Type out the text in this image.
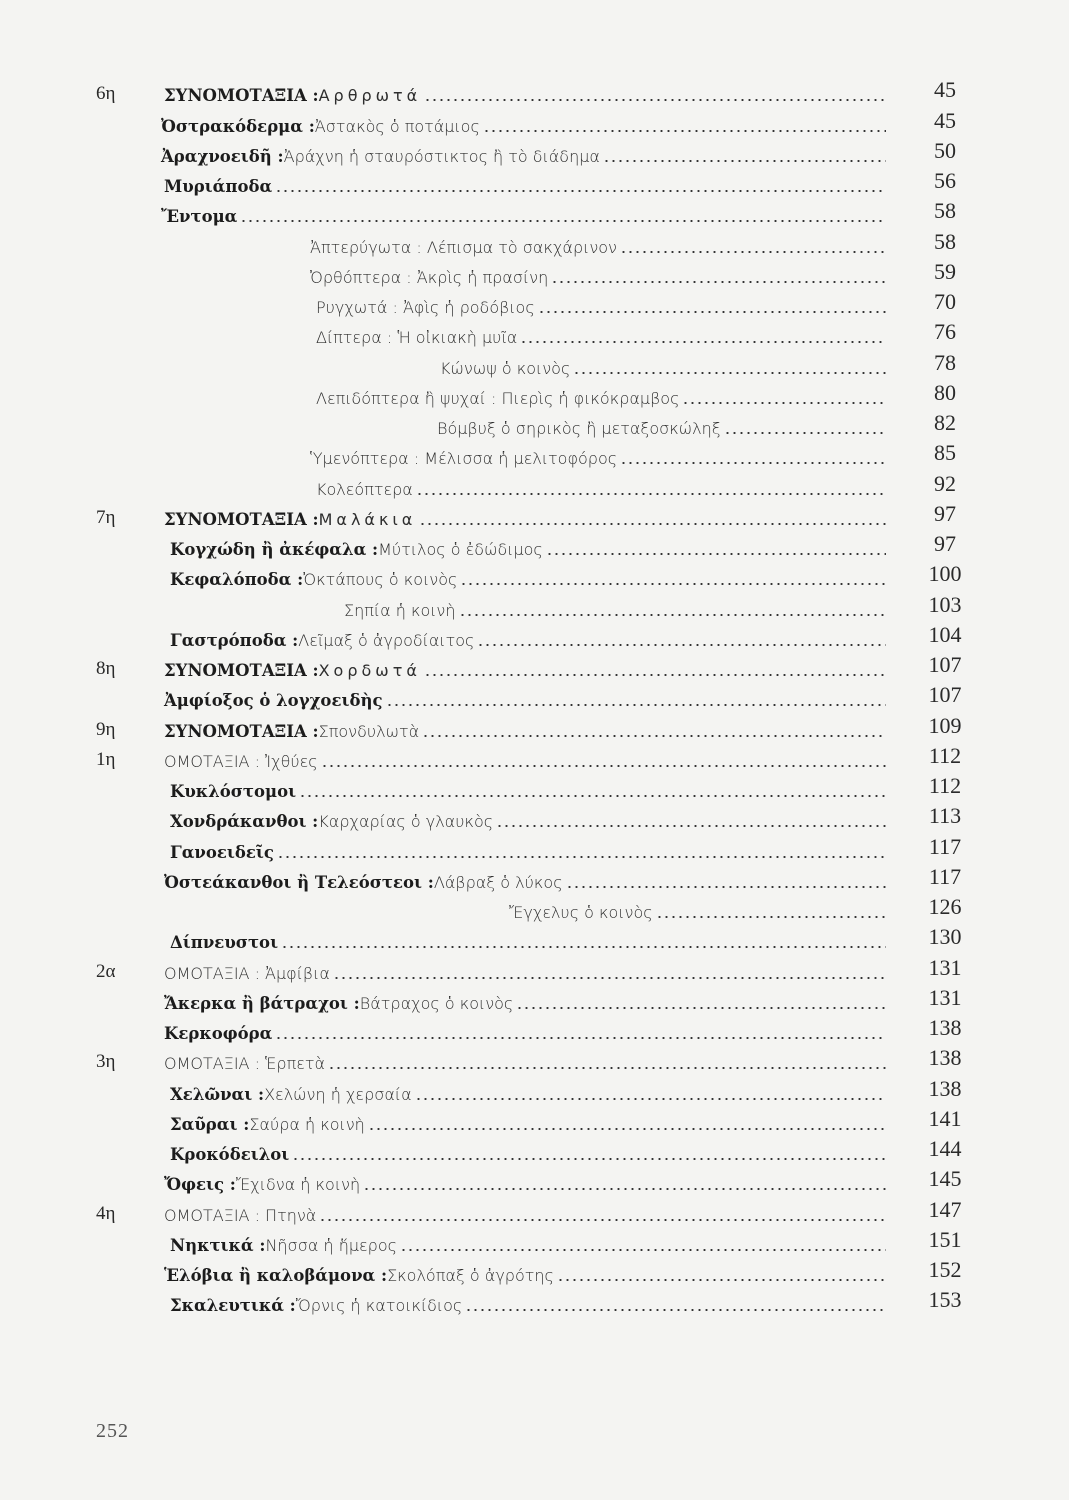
6η	ΣΥΝΟΜΟΤΑΞΙΑ : Αρθρωτά	45
Ὀστρακόδερμα : Ἀστακὸς ὁ ποτάμιος	45
Ἀραχνοειδῆ : Ἀράχνη ἡ σταυρόστικτος ἢ τὸ διάδημα	50
Μυριάποδα	56
Ἔντομα	58
Ἀπτερύγωτα : Λέπισμα τὸ σακχάρινον	58
Ὀρθόπτερα : Ἀκρὶς ἡ πρασίνη	59
Ρυγχωτά : Ἀφὶς ἡ ροδόβιος	70
Δίπτερα : Ἡ οἰκιακὴ μυῖα	76
Κώνωψ ὁ κοινὸς	78
Λεπιδόπτερα ἢ ψυχαί : Πιερὶς ἡ φικόκραμβος	80
Βόμβυξ ὁ σηρικὸς ἢ μεταξοσκώληξ	82
Ὑμενόπτερα : Μέλισσα ἡ μελιτοφόρος	85
Κολεόπτερα	92
7η	ΣΥΝΟΜΟΤΑΞΙΑ : Μαλάκια	97
Κογχώδη ἢ ἀκέφαλα : Μύτιλος ὁ ἐδώδιμος	97
Κεφαλόποδα : Ὀκτάπους ὁ κοινὸς	100
Σηπία ἡ κοινὴ	103
Γαστρόποδα : Λεῖμαξ ὁ ἀγροδίαιτος	104
8η	ΣΥΝΟΜΟΤΑΞΙΑ : Χορδωτά	107
Ἀμφίοξος ὁ λογχοειδὴς	107
9η	ΣΥΝΟΜΟΤΑΞΙΑ : Σπονδυλωτὰ	109
1η	ΟΜΟΤΑΞΙΑ : Ἰχθύες	112
Κυκλόστομοι	112
Χονδράκανθοι : Καρχαρίας ὁ γλαυκὸς	113
Γανοειδεῖς	117
Ὀστεάκανθοι ἢ Τελεόστεοι : Λάβραξ ὁ λύκος	117
Ἔγχελυς ὁ κοινὸς	126
Δίπνευστοι	130
2α	ΟΜΟΤΑΞΙΑ : Ἀμφίβια	131
Ἄκερκα ἢ βάτραχοι : Βάτραχος ὁ κοινὸς	131
Κερκοφόρα	138
3η	ΟΜΟΤΑΞΙΑ : Ἑρπετὰ	138
Χελῶναι : Χελώνη ἡ χερσαία	138
Σαῦραι : Σαύρα ἡ κοινὴ	141
Κροκόδειλοι	144
Ὄφεις : Ἔχιδνα ἡ κοινὴ	145
4η	ΟΜΟΤΑΞΙΑ : Πτηνὰ	147
Νηκτικά : Νῆσσα ἡ ἥμερος	151
Ἑλόβια ἢ καλοβάμονα : Σκολόπαξ ὁ ἀγρότης	152
Σκαλευτικά : Ὄρνις ἡ κατοικίδιος	153
252
